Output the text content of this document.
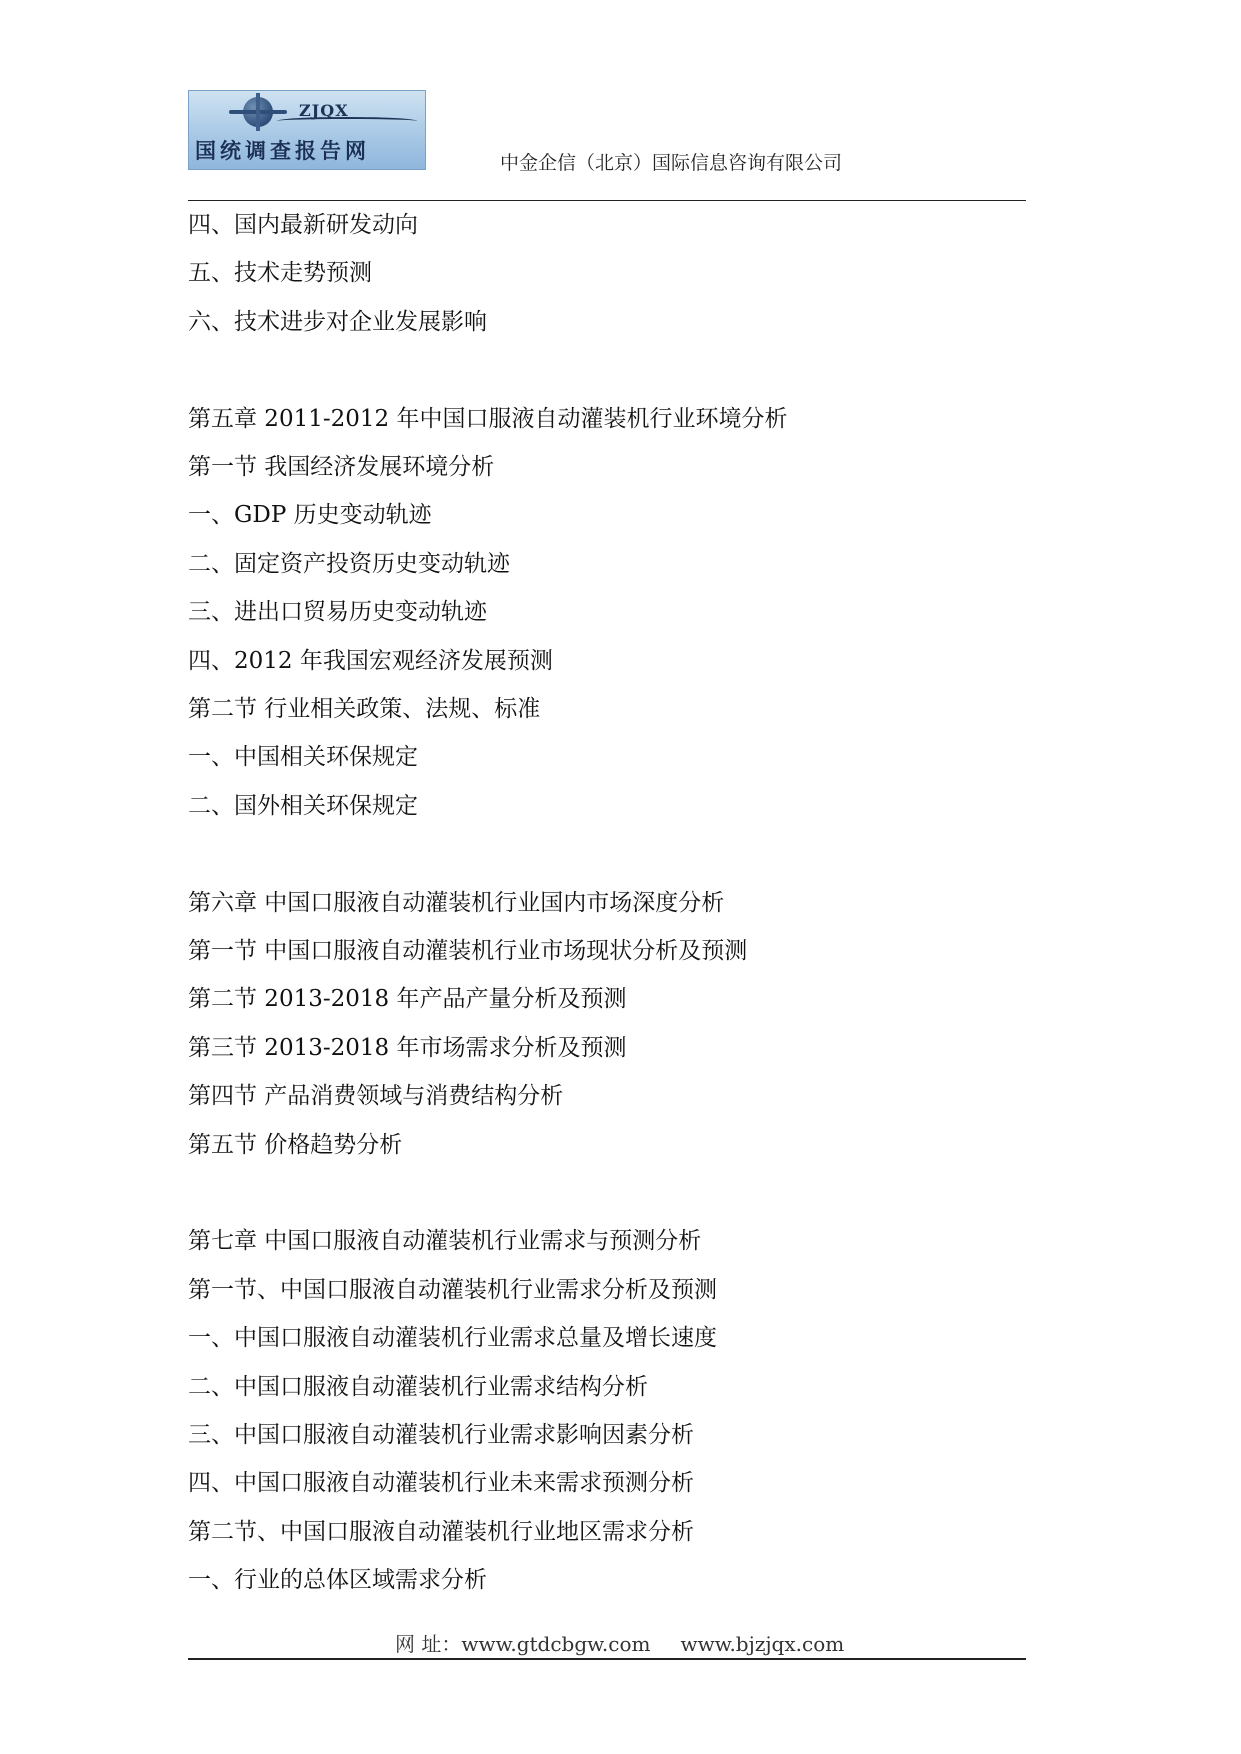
ZJQX
国统调查报告网	中金企信（北京）国际信息咨询有限公司
四、国内最新研发动向
五、技术走势预测
六、技术进步对企业发展影响
第五章 2011-2012 年中国口服液自动灌装机行业环境分析
第一节 我国经济发展环境分析
一、GDP 历史变动轨迹
二、固定资产投资历史变动轨迹
三、进出口贸易历史变动轨迹
四、2012 年我国宏观经济发展预测
第二节 行业相关政策、法规、标准
一、中国相关环保规定
二、国外相关环保规定
第六章 中国口服液自动灌装机行业国内市场深度分析
第一节 中国口服液自动灌装机行业市场现状分析及预测
第二节 2013-2018 年产品产量分析及预测
第三节 2013-2018 年市场需求分析及预测
第四节 产品消费领域与消费结构分析
第五节 价格趋势分析
第七章 中国口服液自动灌装机行业需求与预测分析
第一节、中国口服液自动灌装机行业需求分析及预测
一、中国口服液自动灌装机行业需求总量及增长速度
二、中国口服液自动灌装机行业需求结构分析
三、中国口服液自动灌装机行业需求影响因素分析
四、中国口服液自动灌装机行业未来需求预测分析
第二节、中国口服液自动灌装机行业地区需求分析
一、行业的总体区域需求分析
网 址：www.gtdcbgw.com www.bjzjqx.com
